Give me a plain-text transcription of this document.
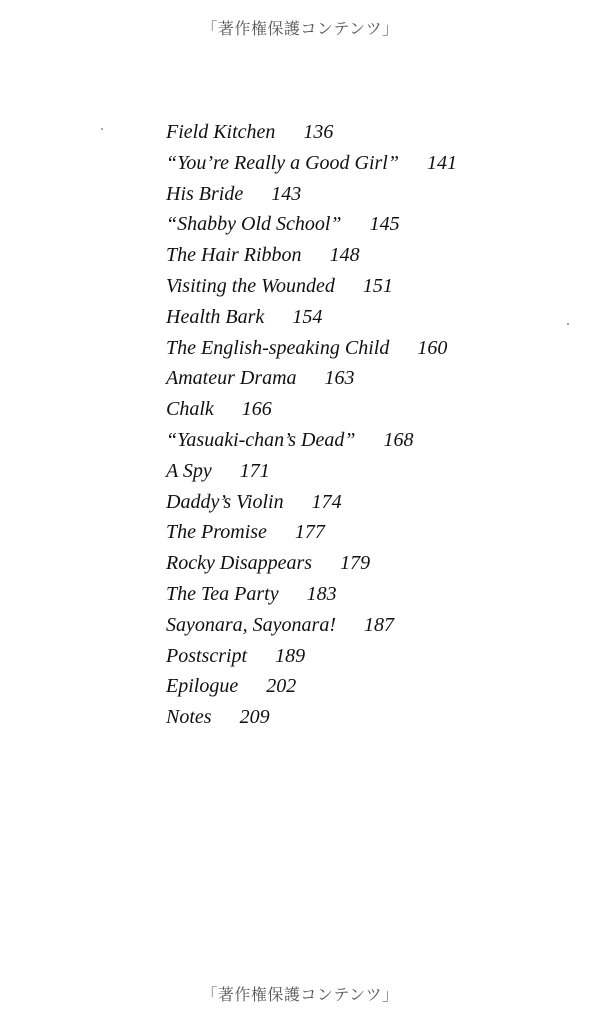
「著作権保護コンテンツ」
Field Kitchen 136
“You’re Really a Good Girl” 141
His Bride 143
“Shabby Old School” 145
The Hair Ribbon 148
Visiting the Wounded 151
Health Bark 154
The English-speaking Child 160
Amateur Drama 163
Chalk 166
“Yasuaki-chan’s Dead” 168
A Spy 171
Daddy’s Violin 174
The Promise 177
Rocky Disappears 179
The Tea Party 183
Sayonara, Sayonara! 187
Postscript 189
Epilogue 202
Notes 209
「著作権保護コンテンツ」
